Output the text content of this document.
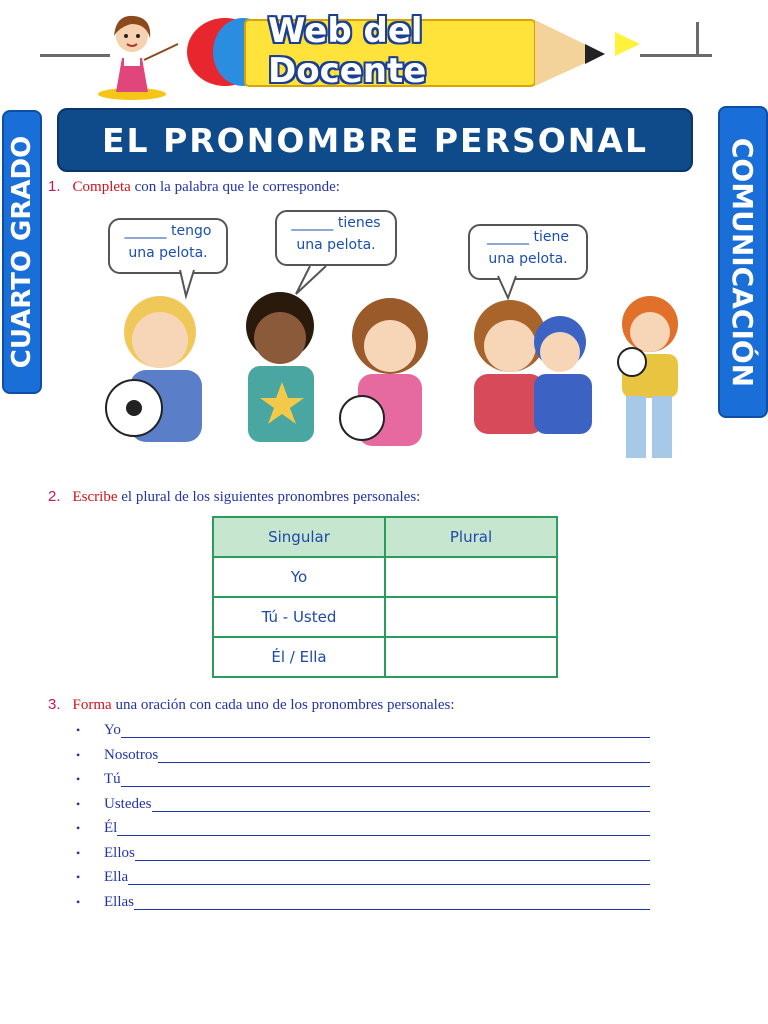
Web del Docente
EL PRONOMBRE PERSONAL
CUARTO GRADO	COMUNICACIÓN
1. Completa con la palabra que le corresponde:
______ tengo
una pelota.
______ tienes
una pelota.	______ tiene
una pelota.
2. Escribe el plural de los siguientes pronombres personales:
Singular	Plural
Yo	
Tú - Usted	
Él / Ella	
3. Forma una oración con cada uno de los pronombres personales:
•	Yo
•	Nosotros
•	Tú
•	Ustedes
•	Él
•	Ellos
•	Ella
•	Ellas
